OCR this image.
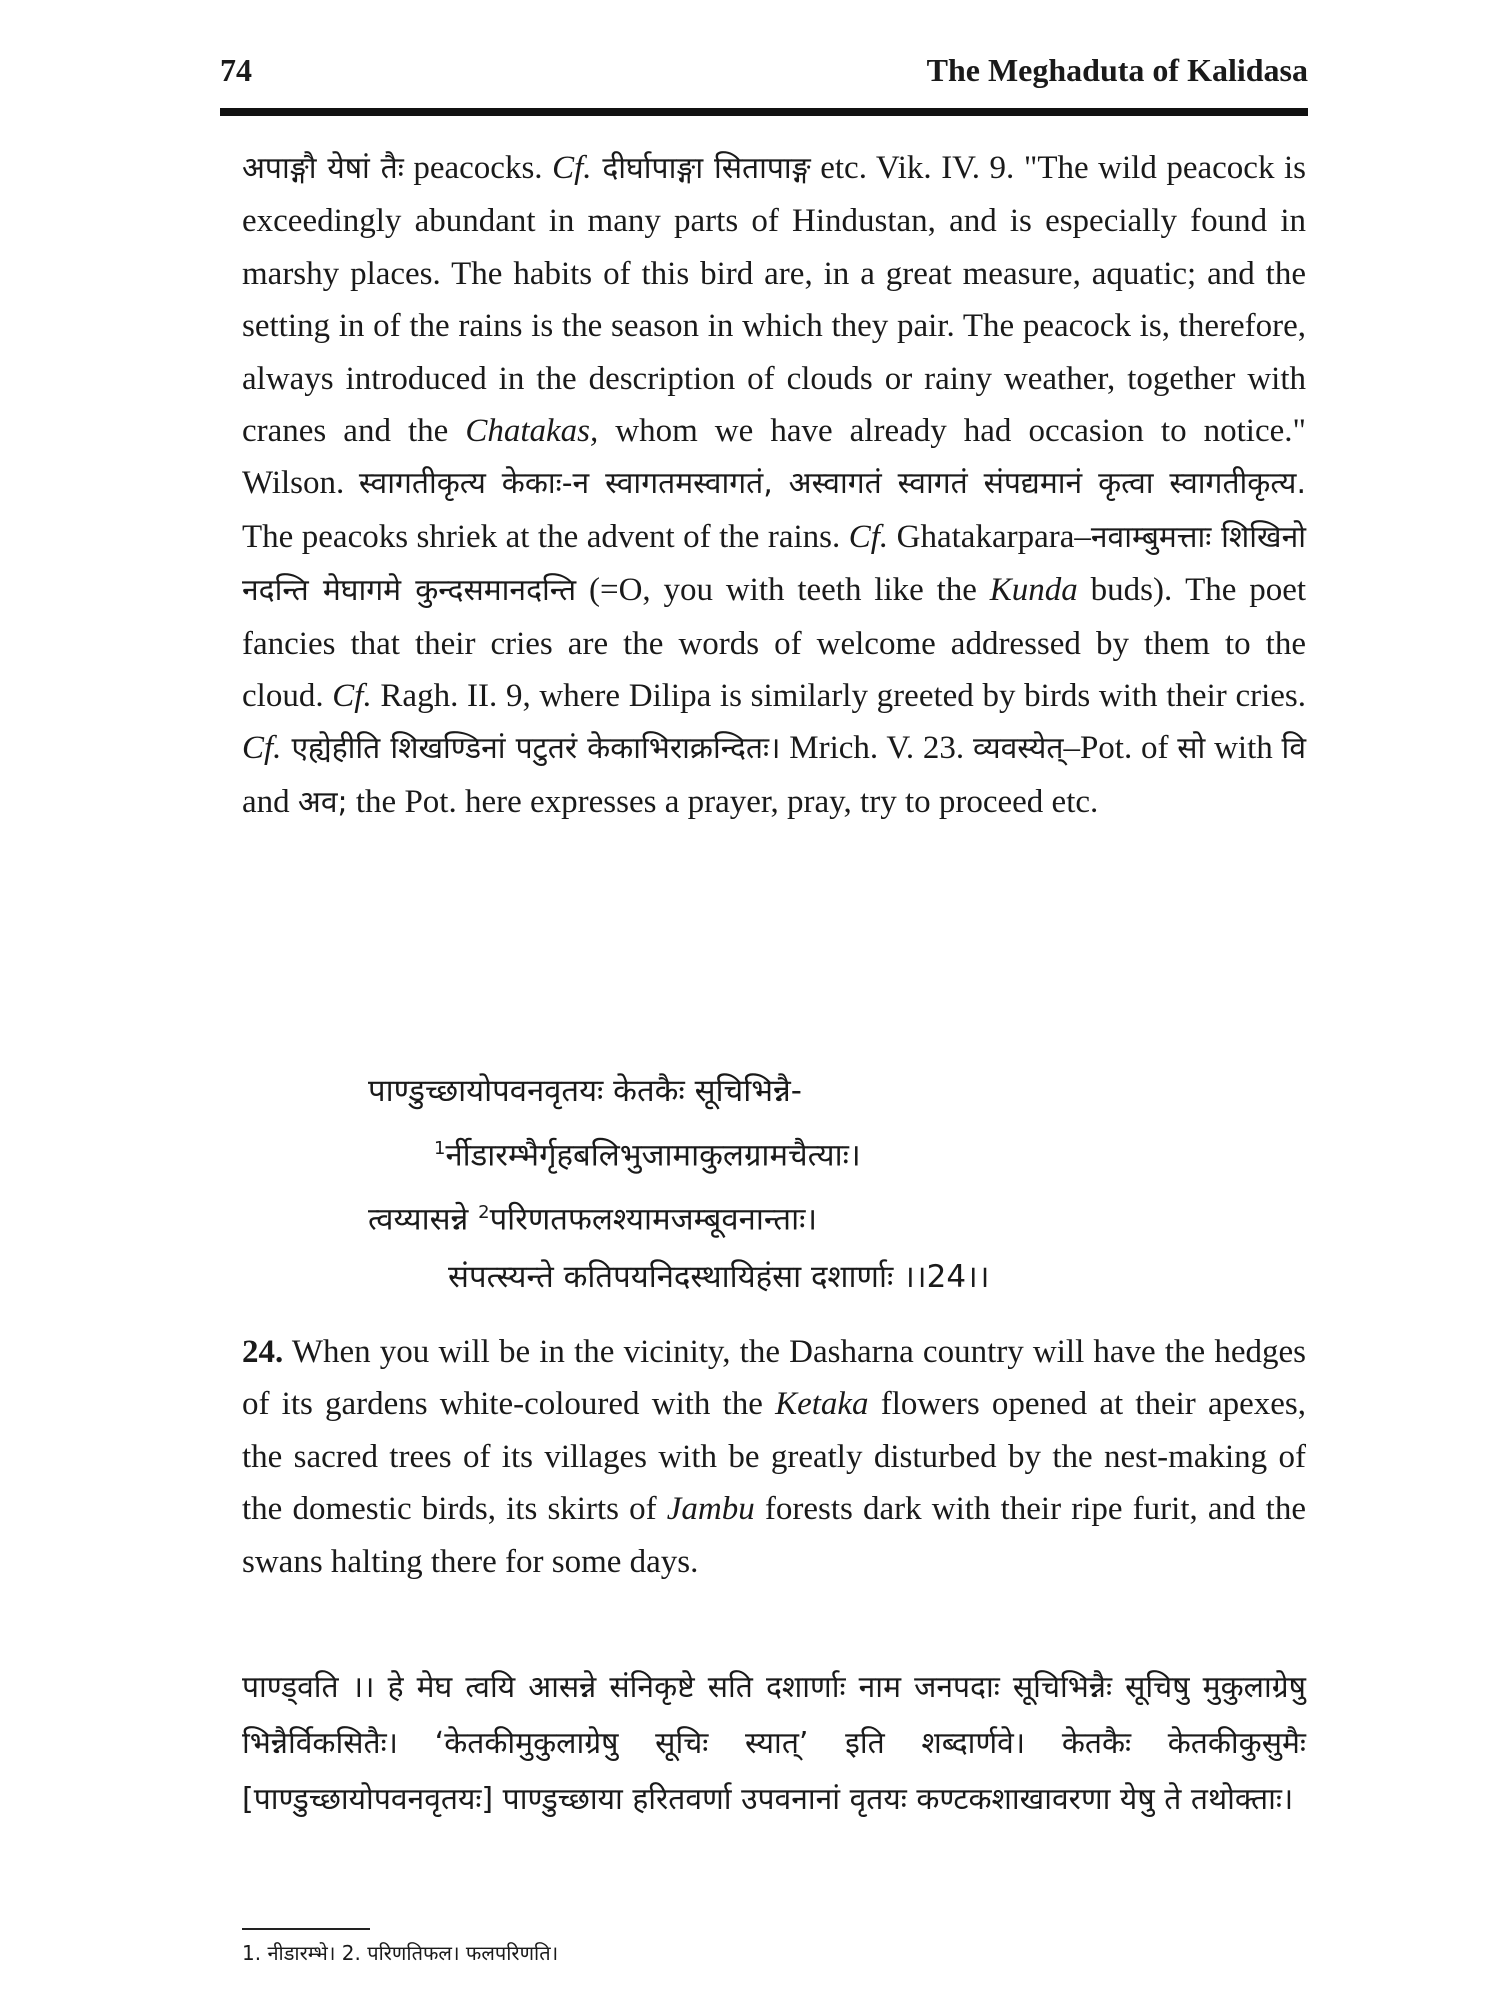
74	The Meghaduta of Kalidasa

अपाङ्गौ येषां तैः peacocks. Cf. दीर्घापाङ्गा सितापाङ्ग etc. Vik. IV. 9. "The wild peacock is exceedingly abundant in many parts of Hindustan, and is especially found in marshy places. The habits of this bird are, in a great measure, aquatic; and the setting in of the rains is the season in which they pair. The peacock is, therefore, always introduced in the description of clouds or rainy weather, together with cranes and the Chatakas, whom we have already had occasion to notice." Wilson. स्वागतीकृत्य केकाः-न स्वागतमस्वागतं, अस्वागतं स्वागतं संपद्यमानं कृत्वा स्वागतीकृत्य. The peacoks shriek at the advent of the rains. Cf. Ghatakarpara–नवाम्बुमत्ताः शिखिनो नदन्ति मेघागमे कुन्दसमानदन्ति (=O, you with teeth like the Kunda buds). The poet fancies that their cries are the words of welcome addressed by them to the cloud. Cf. Ragh. II. 9, where Dilipa is similarly greeted by birds with their cries. Cf. एह्येहीति शिखण्डिनां पटुतरं केकाभिराक्रन्दितः। Mrich. V. 23. व्यवस्येत्–Pot. of सो with वि and अव; the Pot. here expresses a prayer, pray, try to proceed etc.

पाण्डुच्छायोपवनवृतयः केतकैः सूचिभिन्नै-
$^1$र्नीडारम्भैर्गृहबलिभुजामाकुलग्रामचैत्याः।
त्वय्यासन्ने $^2$परिणतफलश्यामजम्बूवनान्ताः।
संपत्स्यन्ते कतिपयनिदस्थायिहंसा दशार्णाः ।।24।।
24. When you will be in the vicinity, the Dasharna country will have the hedges of its gardens white-coloured with the Ketaka flowers opened at their apexes, the sacred trees of its villages with be greatly disturbed by the nest-making of the domestic birds, its skirts of Jambu forests dark with their ripe furit, and the swans halting there for some days.
पाण्ड्वति ।। हे मेघ त्वयि आसन्ने संनिकृष्टे सति दशार्णाः नाम जनपदाः सूचिभिन्नैः सूचिषु मुकुलाग्रेषु भिन्नैर्विकसितैः। ‘केतकीमुकुलाग्रेषु सूचिः स्यात्’ इति शब्दार्णवे। केतकैः केतकीकुसुमैः [पाण्डुच्छायोपवनवृतयः] पाण्डुच्छाया हरितवर्णा उपवनानां वृतयः कण्टकशाखावरणा येषु ते तथोक्ताः।
1. नीडारम्भे। 2. परिणतिफल। फलपरिणति।
